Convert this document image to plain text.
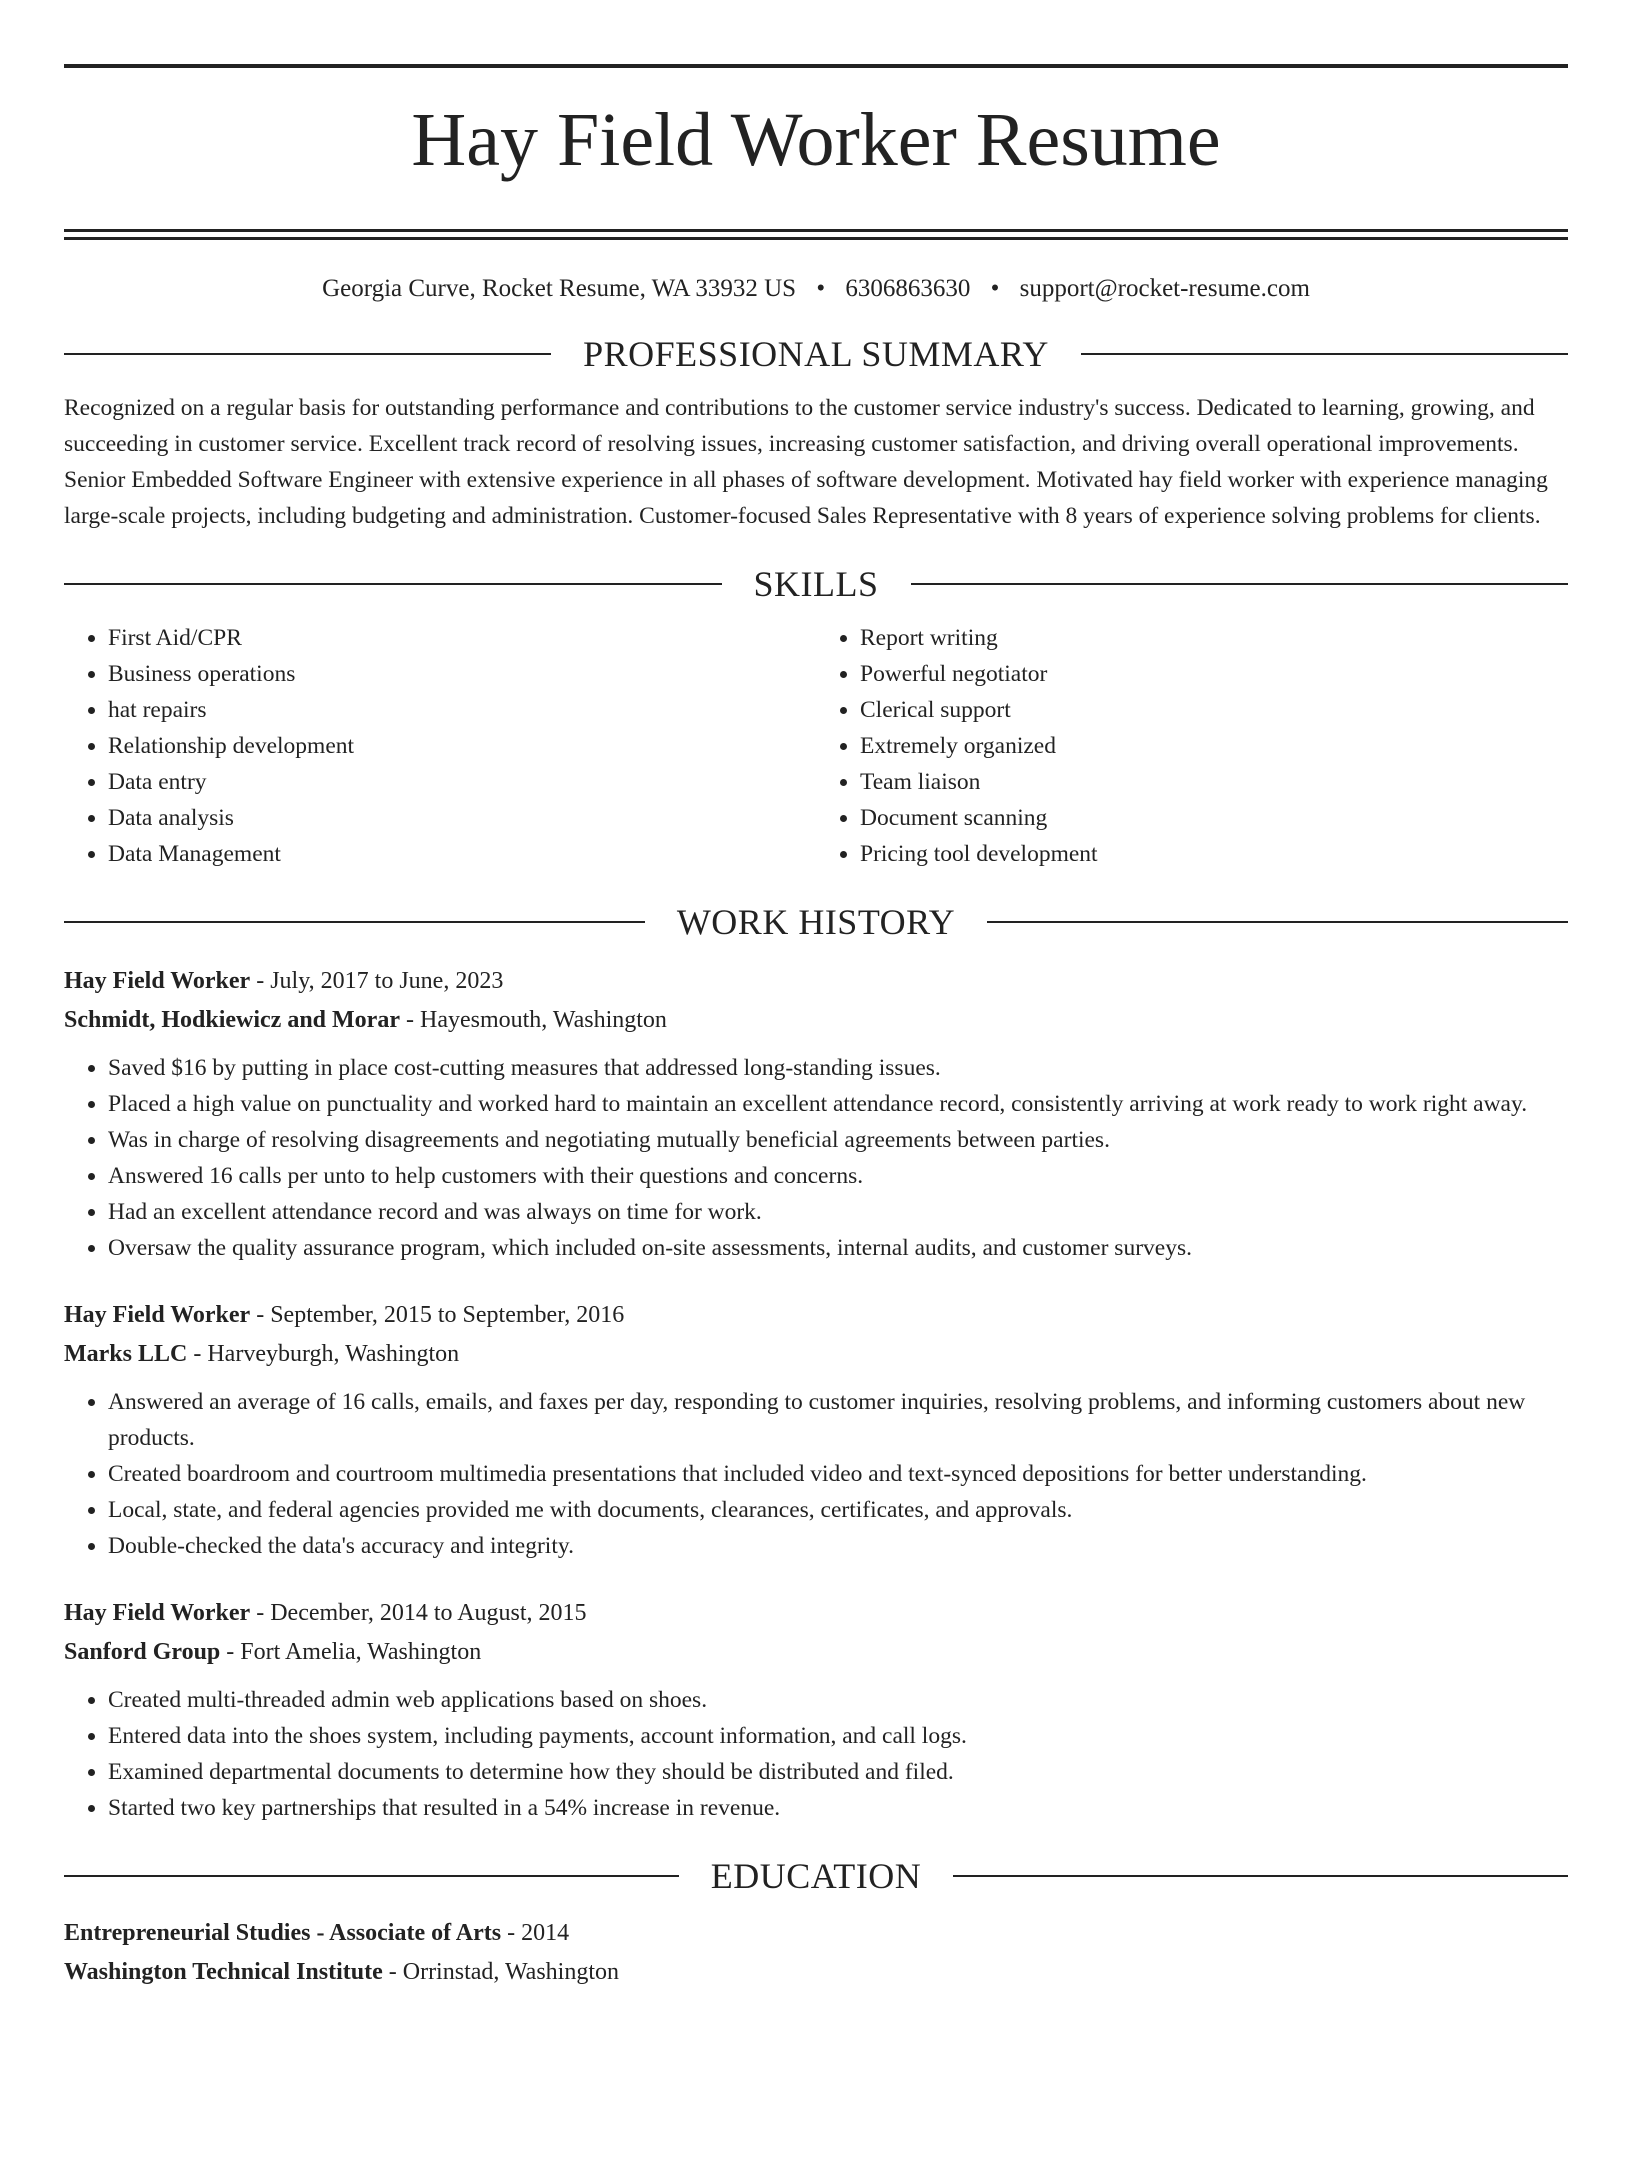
Hay Field Worker Resume
Georgia Curve, Rocket Resume, WA 33932 US • 6306863630 • support@rocket-resume.com
PROFESSIONAL SUMMARY
Recognized on a regular basis for outstanding performance and contributions to the customer service industry's success. Dedicated to learning, growing, and succeeding in customer service. Excellent track record of resolving issues, increasing customer satisfaction, and driving overall operational improvements. Senior Embedded Software Engineer with extensive experience in all phases of software development. Motivated hay field worker with experience managing large-scale projects, including budgeting and administration. Customer-focused Sales Representative with 8 years of experience solving problems for clients.
SKILLS
• First Aid/CPR
• Business operations
• hat repairs
• Relationship development
• Data entry
• Data analysis
• Data Management
• Report writing
• Powerful negotiator
• Clerical support
• Extremely organized
• Team liaison
• Document scanning
• Pricing tool development
WORK HISTORY
Hay Field Worker - July, 2017 to June, 2023
Schmidt, Hodkiewicz and Morar - Hayesmouth, Washington
• Saved $16 by putting in place cost-cutting measures that addressed long-standing issues.
• Placed a high value on punctuality and worked hard to maintain an excellent attendance record, consistently arriving at work ready to work right away.
• Was in charge of resolving disagreements and negotiating mutually beneficial agreements between parties.
• Answered 16 calls per unto to help customers with their questions and concerns.
• Had an excellent attendance record and was always on time for work.
• Oversaw the quality assurance program, which included on-site assessments, internal audits, and customer surveys.
Hay Field Worker - September, 2015 to September, 2016
Marks LLC - Harveyburgh, Washington
• Answered an average of 16 calls, emails, and faxes per day, responding to customer inquiries, resolving problems, and informing customers about new products.
• Created boardroom and courtroom multimedia presentations that included video and text-synced depositions for better understanding.
• Local, state, and federal agencies provided me with documents, clearances, certificates, and approvals.
• Double-checked the data's accuracy and integrity.
Hay Field Worker - December, 2014 to August, 2015
Sanford Group - Fort Amelia, Washington
• Created multi-threaded admin web applications based on shoes.
• Entered data into the shoes system, including payments, account information, and call logs.
• Examined departmental documents to determine how they should be distributed and filed.
• Started two key partnerships that resulted in a 54% increase in revenue.
EDUCATION
Entrepreneurial Studies - Associate of Arts - 2014
Washington Technical Institute - Orrinstad, Washington
